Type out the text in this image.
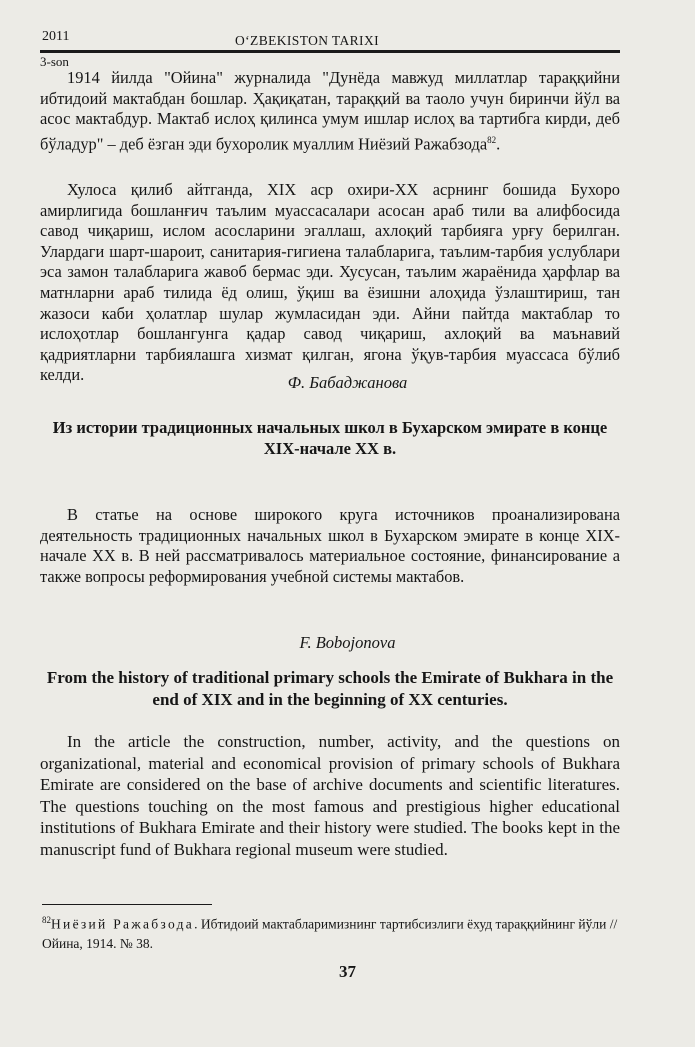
2011	O‘ZBEKISTON TARIXI
3-son

1914 йилда "Ойина" журналида "Дунёда мавжуд миллатлар тараққийни ибтидоий мактабдан бошлар. Ҳақиқатан, тараққий ва таоло учун биринчи йўл ва асос мактабдур. Мактаб ислоҳ қилинса умум ишлар ислоҳ ва тартибга кирди, деб бўладур" – деб ёзган эди бухоролик муаллим Ниёзий Ражабзода$^{82}$.

Хулоса қилиб айтганда, XIX аср охири-XX асрнинг бошида Бухоро амирлигида бошланғич таълим муассасалари асосан араб тили ва алифбосида савод чиқариш, ислом асосларини эгаллаш, ахлоқий тарбияга урғу берилган. Улардаги шарт-шароит, санитария-гигиена талабларига, таълим-тарбия услублари эса замон талабларига жавоб бермас эди. Хусусан, таълим жараёнида ҳарфлар ва матнларни араб тилида ёд олиш, ўқиш ва ёзишни алоҳида ўзлаштириш, тан жазоси каби ҳолатлар шулар жумласидан эди. Айни пайтда мактаблар то ислоҳотлар бошлангунга қадар савод чиқариш, ахлоқий ва маънавий қадриятларни тарбиялашга хизмат қилган, ягона ўқув-тарбия муассаса бўлиб келди.	Ф. Бабаджанова

Из истории традиционных начальных школ в Бухарском эмирате в конце XIX-начале XX в.

В статье на основе широкого круга источников проанализирована деятельность традиционных начальных школ в Бухарском эмирате в конце XIX-начале XX в. В ней рассматривалось материальное состояние, финансирование а также вопросы реформирования учебной системы мактабов.

F. Bobojonova

From the history of traditional primary schools the Emirate of Bukhara in the end of XIX and in the beginning of XX centuries.

In the article the construction, number, activity, and the questions on organizational, material and economical provision of primary schools of Bukhara Emirate are considered on the base of archive documents and scientific literatures. The questions touching on the most famous and prestigious higher educational institutions of Bukhara Emirate and their history were studied. The books kept in the manuscript fund of Bukhara regional museum were studied.

$^{82}$Ниёзий Ражабзода. Ибтидоий мактабларимизнинг тартибсизлиги ёхуд тараққийнинг йўли //Ойина, 1914. № 38.

37
